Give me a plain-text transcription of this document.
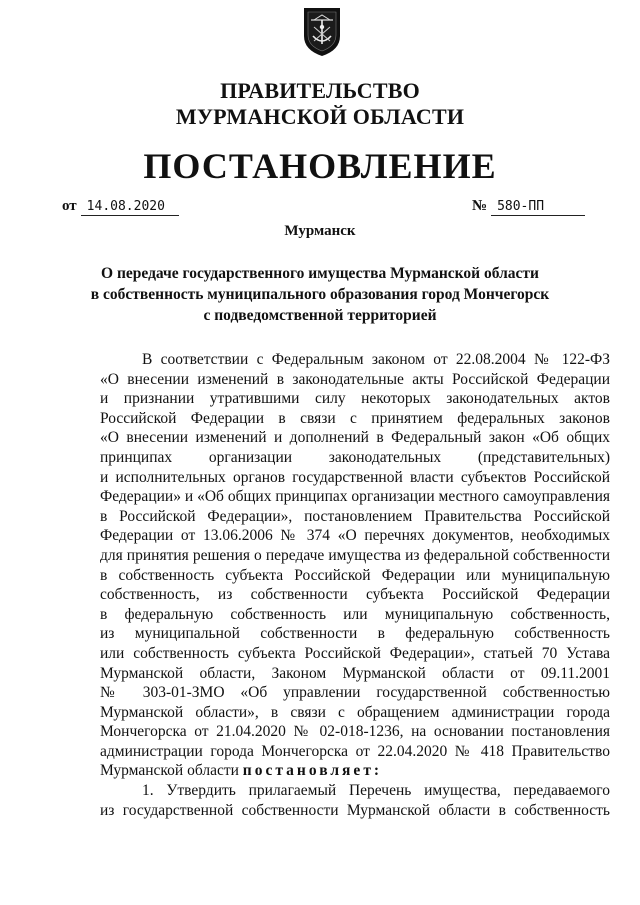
ПРАВИТЕЛЬСТВО
МУРМАНСКОЙ ОБЛАСТИ
ПОСТАНОВЛЕНИЕ
от 14.08.2020	№ 580-ПП
Мурманск
О передаче государственного имущества Мурманской области
в собственность муниципального образования город Мончегорск
с подведомственной территорией
В соответствии с Федеральным законом от 22.08.2004 № 122-ФЗ
«О внесении изменений в законодательные акты Российской Федерации
и признании утратившими силу некоторых законодательных актов
Российской Федерации в связи с принятием федеральных законов
«О внесении изменений и дополнений в Федеральный закон «Об общих
принципах организации законодательных (представительных)
и исполнительных органов государственной власти субъектов Российской
Федерации» и «Об общих принципах организации местного самоуправления
в Российской Федерации», постановлением Правительства Российской
Федерации от 13.06.2006 № 374 «О перечнях документов, необходимых
для принятия решения о передаче имущества из федеральной собственности
в собственность субъекта Российской Федерации или муниципальную
собственность, из собственности субъекта Российской Федерации
в федеральную собственность или муниципальную собственность,
из муниципальной собственности в федеральную собственность
или собственность субъекта Российской Федерации», статьей 70 Устава
Мурманской области, Законом Мурманской области от 09.11.2001
№ 303-01-ЗМО «Об управлении государственной собственностью
Мурманской области», в связи с обращением администрации города
Мончегорска от 21.04.2020 № 02-018-1236, на основании постановления
администрации города Мончегорска от 22.04.2020 № 418 Правительство
Мурманской области постановляет:
1. Утвердить прилагаемый Перечень имущества, передаваемого
из государственной собственности Мурманской области в собственность
